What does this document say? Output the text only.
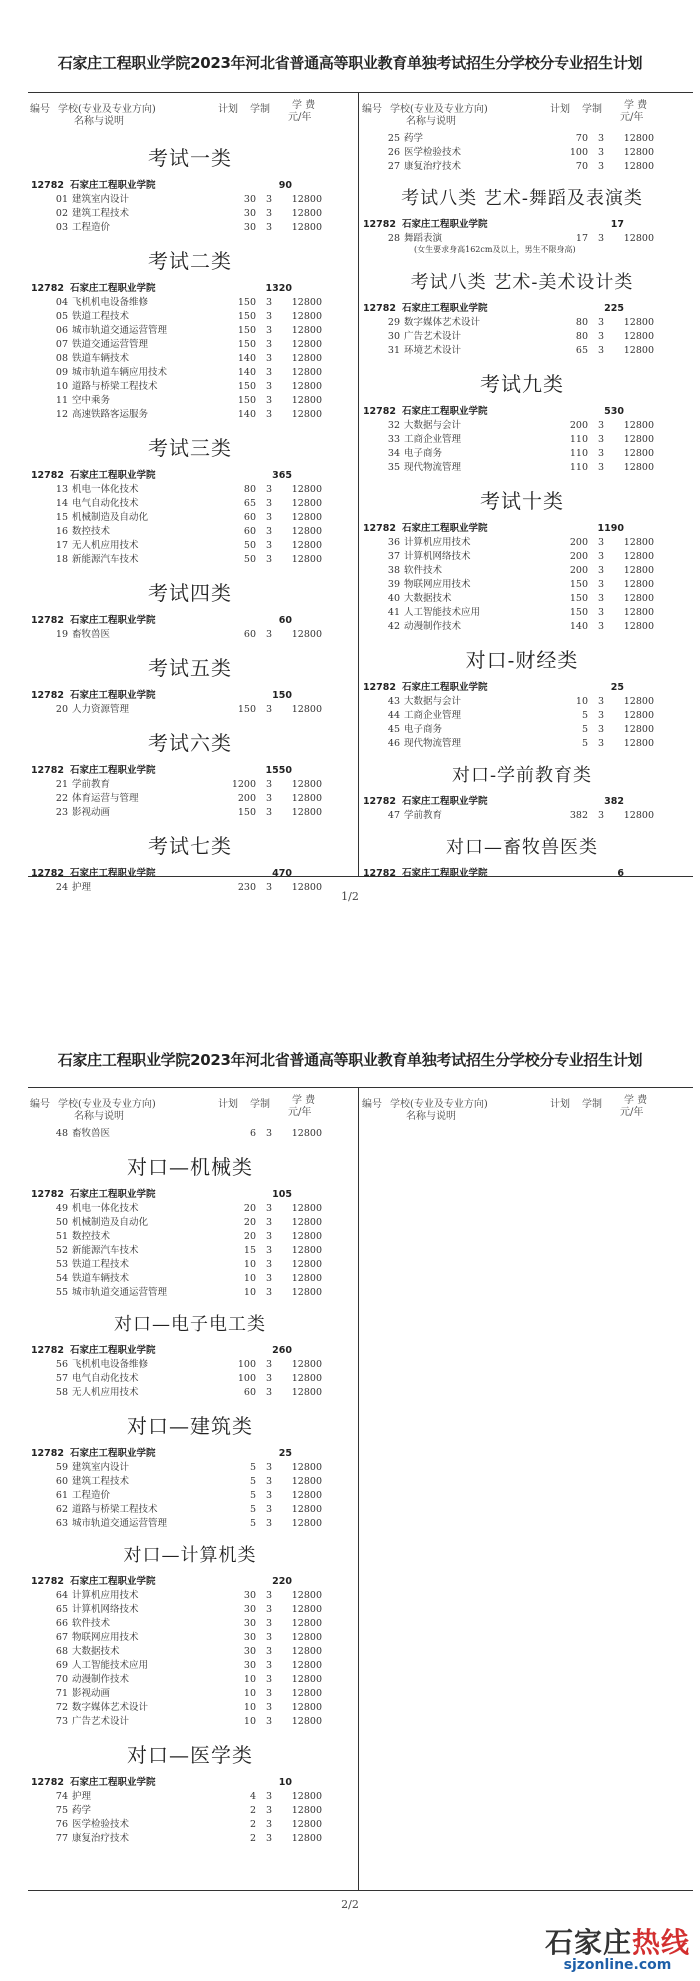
石家庄工程职业学院2023年河北省普通高等职业教育单独考试招生分学校分专业招生计划
编号 学校(专业及专业方向)
名称与说明
计划 学制 学 费
元/年
考试一类
12782 石家庄工程职业学院	90
01 建筑室内设计	30	3	12800
02 建筑工程技术	30	3	12800
03 工程造价	30	3	12800
考试二类
12782 石家庄工程职业学院	1320
04 飞机机电设备维修	150	3	12800
05 铁道工程技术	150	3	12800
06 城市轨道交通运营管理	150	3	12800
07 铁道交通运营管理	150	3	12800
08 铁道车辆技术	140	3	12800
09 城市轨道车辆应用技术	140	3	12800
10 道路与桥梁工程技术	150	3	12800
11 空中乘务	150	3	12800
12 高速铁路客运服务	140	3	12800
考试三类
12782 石家庄工程职业学院	365
13 机电一体化技术	80	3	12800
14 电气自动化技术	65	3	12800
15 机械制造及自动化	60	3	12800
16 数控技术	60	3	12800
17 无人机应用技术	50	3	12800
18 新能源汽车技术	50	3	12800
考试四类
12782 石家庄工程职业学院	60
19 畜牧兽医	60	3	12800
考试五类
12782 石家庄工程职业学院	150
20 人力资源管理	150	3	12800
考试六类
12782 石家庄工程职业学院	1550
21 学前教育	1200	3	12800
22 体育运营与管理	200	3	12800
23 影视动画	150	3	12800
考试七类
12782 石家庄工程职业学院	470
24 护理	230	3	12800
编号 学校(专业及专业方向)
名称与说明
计划 学制 学 费
元/年
25 药学	70	3	12800
26 医学检验技术	100	3	12800
27 康复治疗技术	70	3	12800
考试八类 艺术-舞蹈及表演类
12782 石家庄工程职业学院	17
28 舞蹈表演	17	3	12800
(女生要求身高162cm及以上，男生不限身高)
考试八类 艺术-美术设计类
12782 石家庄工程职业学院	225
29 数字媒体艺术设计	80	3	12800
30 广告艺术设计	80	3	12800
31 环境艺术设计	65	3	12800
考试九类
12782 石家庄工程职业学院	530
32 大数据与会计	200	3	12800
33 工商企业管理	110	3	12800
34 电子商务	110	3	12800
35 现代物流管理	110	3	12800
考试十类
12782 石家庄工程职业学院	1190
36 计算机应用技术	200	3	12800
37 计算机网络技术	200	3	12800
38 软件技术	200	3	12800
39 物联网应用技术	150	3	12800
40 大数据技术	150	3	12800
41 人工智能技术应用	150	3	12800
42 动漫制作技术	140	3	12800
对口-财经类
12782 石家庄工程职业学院	25
43 大数据与会计	10	3	12800
44 工商企业管理	5	3	12800
45 电子商务	5	3	12800
46 现代物流管理	5	3	12800
对口-学前教育类
12782 石家庄工程职业学院	382
47 学前教育	382	3	12800
对口—畜牧兽医类
12782 石家庄工程职业学院	6
1/2
石家庄工程职业学院2023年河北省普通高等职业教育单独考试招生分学校分专业招生计划
编号 学校(专业及专业方向)
名称与说明
计划 学制 学 费
元/年
48 畜牧兽医	6	3	12800
对口—机械类
12782 石家庄工程职业学院	105
49 机电一体化技术	20	3	12800
50 机械制造及自动化	20	3	12800
51 数控技术	20	3	12800
52 新能源汽车技术	15	3	12800
53 铁道工程技术	10	3	12800
54 铁道车辆技术	10	3	12800
55 城市轨道交通运营管理	10	3	12800
对口—电子电工类
12782 石家庄工程职业学院	260
56 飞机机电设备维修	100	3	12800
57 电气自动化技术	100	3	12800
58 无人机应用技术	60	3	12800
对口—建筑类
12782 石家庄工程职业学院	25
59 建筑室内设计	5	3	12800
60 建筑工程技术	5	3	12800
61 工程造价	5	3	12800
62 道路与桥梁工程技术	5	3	12800
63 城市轨道交通运营管理	5	3	12800
对口—计算机类
12782 石家庄工程职业学院	220
64 计算机应用技术	30	3	12800
65 计算机网络技术	30	3	12800
66 软件技术	30	3	12800
67 物联网应用技术	30	3	12800
68 大数据技术	30	3	12800
69 人工智能技术应用	30	3	12800
70 动漫制作技术	10	3	12800
71 影视动画	10	3	12800
72 数字媒体艺术设计	10	3	12800
73 广告艺术设计	10	3	12800
对口—医学类
12782 石家庄工程职业学院	10
74 护理	4	3	12800
75 药学	2	3	12800
76 医学检验技术	2	3	12800
77 康复治疗技术	2	3	12800
编号 学校(专业及专业方向)
名称与说明
计划 学制 学 费
元/年
2/2
石家庄热线
sjzonline.com
